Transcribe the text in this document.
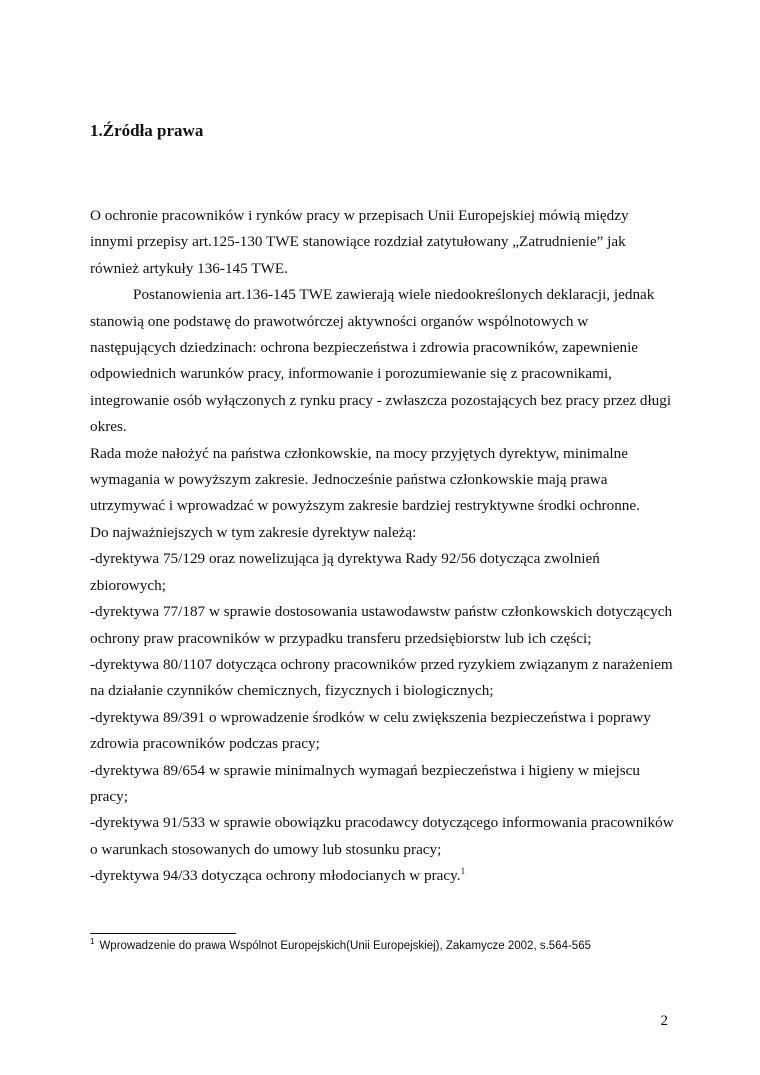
1.Źródła prawa

O ochronie pracowników i rynków pracy w przepisach Unii Europejskiej mówią między innymi przepisy art.125-130 TWE stanowiące rozdział zatytułowany „Zatrudnienie” jak również artykuły 136-145 TWE.

Postanowienia art.136-145 TWE zawierają wiele niedookreślonych deklaracji, jednak stanowią one podstawę do prawotwórczej aktywności organów wspólnotowych w następujących dziedzinach: ochrona bezpieczeństwa i zdrowia pracowników, zapewnienie odpowiednich warunków pracy, informowanie i porozumiewanie się z pracownikami, integrowanie osób wyłączonych z rynku pracy - zwłaszcza pozostających bez pracy przez długi okres.

Rada może nałożyć na państwa członkowskie, na mocy przyjętych dyrektyw, minimalne wymagania w powyższym zakresie. Jednocześnie państwa członkowskie mają prawa utrzymywać i wprowadzać w powyższym zakresie bardziej restryktywne środki ochronne.

Do najważniejszych w tym zakresie dyrektyw należą:

-dyrektywa 75/129 oraz nowelizująca ją dyrektywa Rady 92/56 dotycząca zwolnień zbiorowych;

-dyrektywa 77/187 w sprawie dostosowania ustawodawstw państw członkowskich dotyczących ochrony praw pracowników w przypadku transferu przedsiębiorstw lub ich części;

-dyrektywa 80/1107 dotycząca ochrony pracowników przed ryzykiem związanym z narażeniem na działanie czynników chemicznych, fizycznych i biologicznych;

-dyrektywa 89/391 o wprowadzenie środków w celu zwiększenia bezpieczeństwa i poprawy zdrowia pracowników podczas pracy;

-dyrektywa 89/654 w sprawie minimalnych wymagań bezpieczeństwa i higieny w miejscu pracy;

-dyrektywa 91/533 w sprawie obowiązku pracodawcy dotyczącego informowania pracowników o warunkach stosowanych do umowy lub stosunku pracy;

-dyrektywa 94/33 dotycząca ochrony młodocianych w pracy.$^1$

$^1$ Wprowadzenie do prawa Wspólnot Europejskich(Unii Europejskiej), Zakamycze 2002, s.564-565
2
